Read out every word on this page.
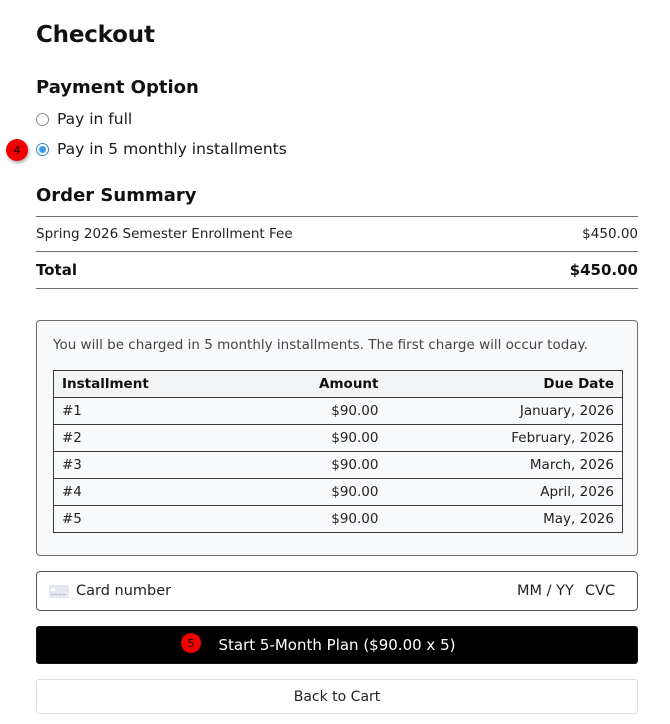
Checkout
Payment Option
Pay in full
Pay in 5 monthly installments
4
Order Summary
Spring 2026 Semester Enrollment Fee	$450.00
Total	$450.00

You will be charged in 5 monthly installments. The first charge will occur today.

Installment	Amount	Due Date
#1	$90.00	January, 2026
#2	$90.00	February, 2026
#3	$90.00	March, 2026
#4	$90.00	April, 2026
#5	$90.00	May, 2026
Card number
MM / YY
CVC
Start 5-Month Plan ($90.00 x 5)
5
Back to Cart
